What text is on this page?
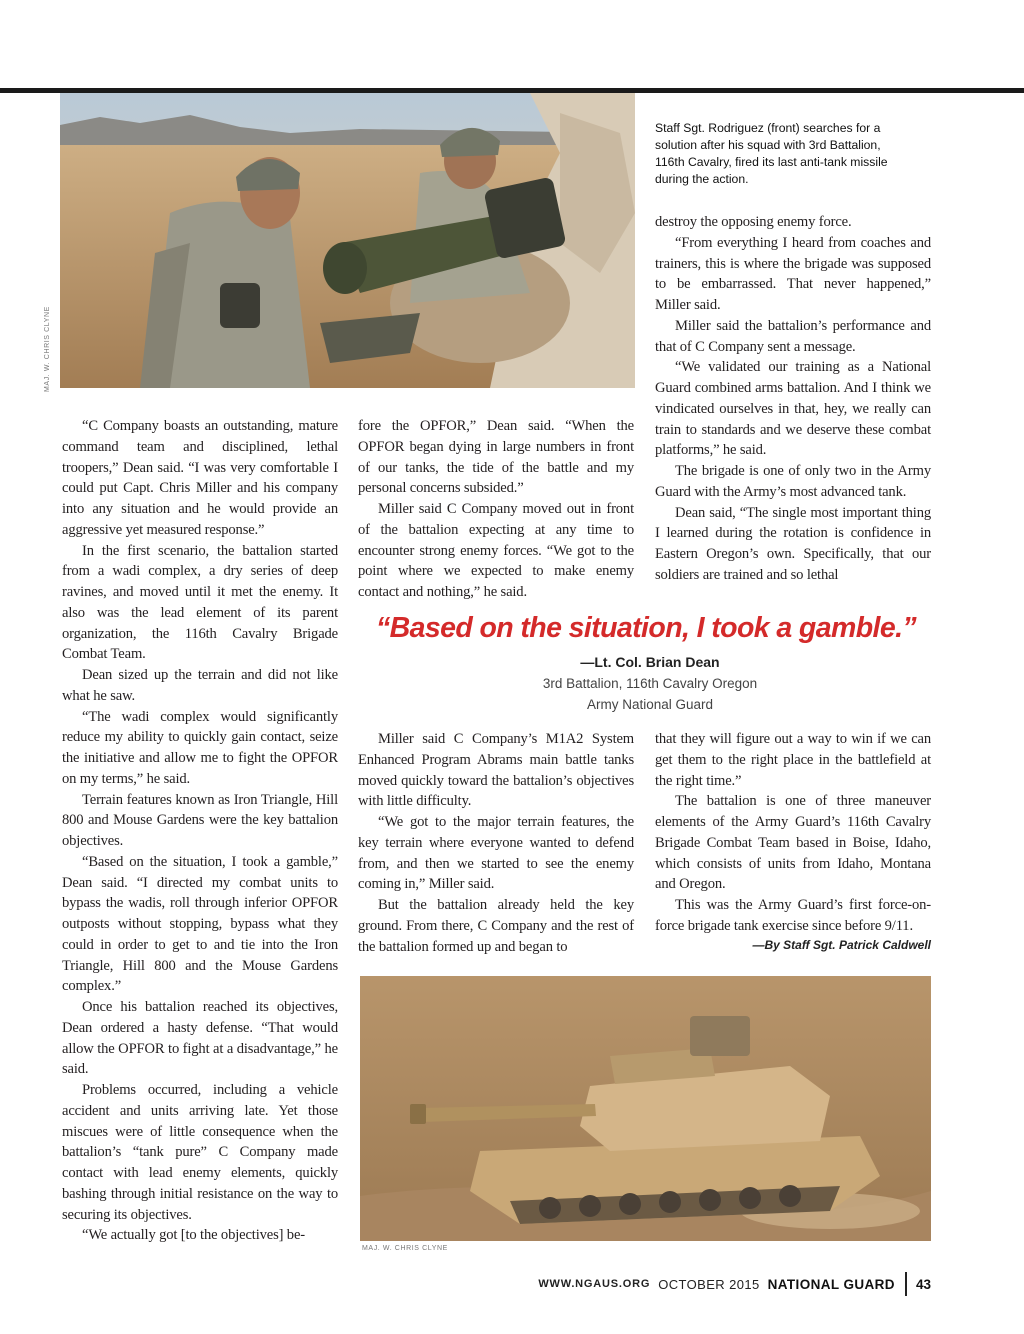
MAJ. W. CHRIS CLYNE
Staff Sgt. Rodriguez (front) searches for a solution after his squad with 3rd Battalion, 116th Cavalry, fired its last anti-tank missile during the action.

“C Company boasts an outstanding, mature command team and disciplined, lethal troopers,” Dean said. “I was very comfortable I could put Capt. Chris Miller and his company into any situation and he would provide an aggressive yet measured response.”

In the first scenario, the battalion started from a wadi complex, a dry series of deep ravines, and moved until it met the enemy. It also was the lead element of its parent organization, the 116th Cavalry Brigade Combat Team.

Dean sized up the terrain and did not like what he saw.

“The wadi complex would significantly reduce my ability to quickly gain contact, seize the initiative and allow me to fight the OPFOR on my terms,” he said.

Terrain features known as Iron Triangle, Hill 800 and Mouse Gardens were the key battalion objectives.

“Based on the situation, I took a gamble,” Dean said. “I directed my combat units to bypass the wadis, roll through inferior OPFOR outposts without stopping, bypass what they could in order to get to and tie into the Iron Triangle, Hill 800 and the Mouse Gardens complex.”

Once his battalion reached its objectives, Dean ordered a hasty defense. “That would allow the OPFOR to fight at a disadvantage,” he said.

Problems occurred, including a vehicle accident and units arriving late. Yet those miscues were of little consequence when the battalion’s “tank pure” C Company made contact with lead enemy elements, quickly bashing through initial resistance on the way to securing its objectives.

“We actually got [to the objectives] be-

fore the OPFOR,” Dean said. “When the OPFOR began dying in large numbers in front of our tanks, the tide of the battle and my personal concerns subsided.”

Miller said C Company moved out in front of the battalion expecting at any time to encounter strong enemy forces. “We got to the point where we expected to make enemy contact and nothing,” he said.

destroy the opposing enemy force.

“From everything I heard from coaches and trainers, this is where the brigade was supposed to be embarrassed. That never happened,” Miller said.

Miller said the battalion’s performance and that of C Company sent a message.

“We validated our training as a National Guard combined arms battalion. And I think we vindicated ourselves in that, hey, we really can train to standards and we deserve these combat platforms,” he said.

The brigade is one of only two in the Army Guard with the Army’s most advanced tank.

Dean said, “The single most important thing I learned during the rotation is confidence in Eastern Oregon’s own. Specifically, that our soldiers are trained and so lethal

“Based on the situation, I took a gamble.”
—Lt. Col. Brian Dean
3rd Battalion, 116th Cavalry Oregon
Army National Guard

Miller said C Company’s M1A2 System Enhanced Program Abrams main battle tanks moved quickly toward the battalion’s objectives with little difficulty.

“We got to the major terrain features, the key terrain where everyone wanted to defend from, and then we started to see the enemy coming in,” Miller said.

But the battalion already held the key ground. From there, C Company and the rest of the battalion formed up and began to

that they will figure out a way to win if we can get them to the right place in the battlefield at the right time.”

The battalion is one of three maneuver elements of the Army Guard’s 116th Cavalry Brigade Combat Team based in Boise, Idaho, which consists of units from Idaho, Montana and Oregon.

This was the Army Guard’s first force-on-force brigade tank exercise since before 9/11.

—By Staff Sgt. Patrick Caldwell
MAJ. W. CHRIS CLYNE
WWW.NGAUS.ORG OCTOBER 2015 NATIONAL GUARD 43
